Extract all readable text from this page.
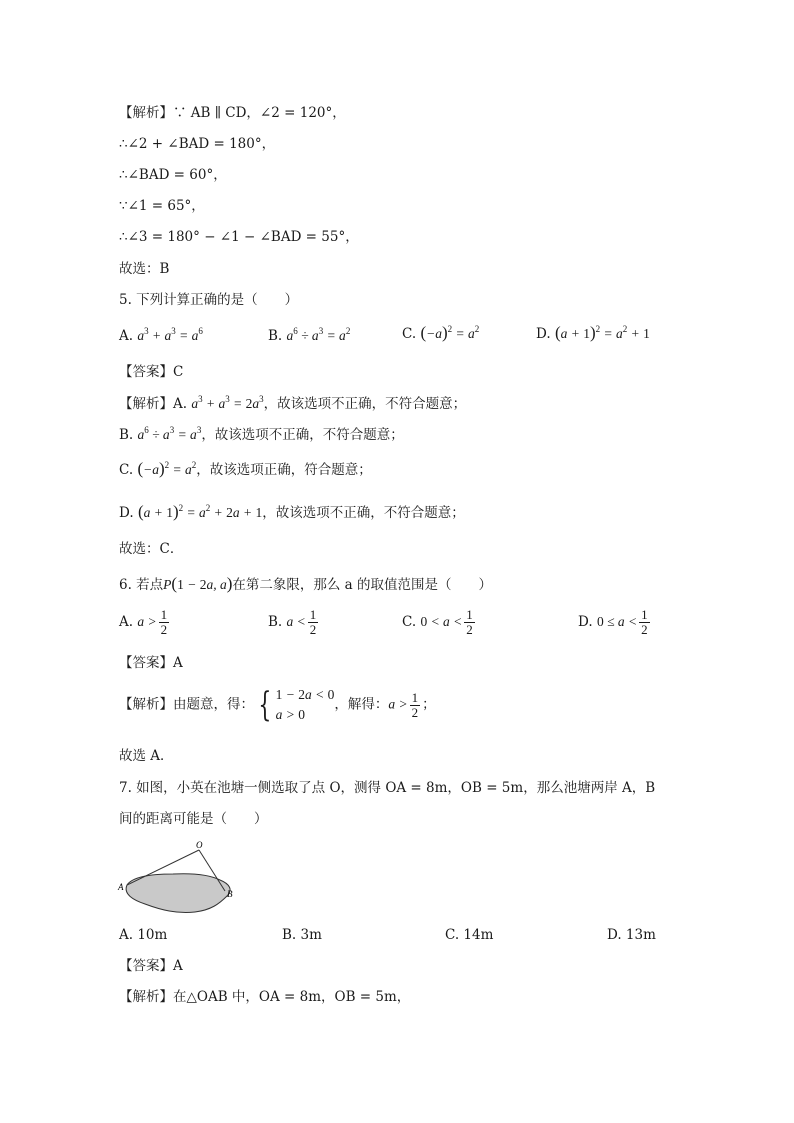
【解析】∵ AB ∥ CD，∠2 = 120°，
∴∠2 + ∠BAD = 180°，
∴∠BAD = 60°，
∵∠1 = 65°，
∴∠3 = 180° − ∠1 − ∠BAD = 55°，
故选：B
5. 下列计算正确的是（　　）
A. $a^3 + a^3 = a^6$	B. $a^6 \div a^3 = a^2$	C. $(-a)^2 = a^2$	D. $(a + 1)^2 = a^2 + 1$
【答案】C
【解析】A. $a^3 + a^3 = 2a^3$，故该选项不正确，不符合题意；
B. $a^6 \div a^3 = a^3$，故该选项不正确，不符合题意；
C. $(-a)^2 = a^2$，故该选项正确，符合题意；
D. $(a + 1)^2 = a^2 + 2a + 1$，故该选项不正确，不符合题意；
故选：C．
6. 若点P(1 − 2a, a)在第二象限，那么 a 的取值范围是（　　）
A. $a > \frac{1}{2}$	B. $a < \frac{1}{2}$	C. $0 < a < \frac{1}{2}$	D. $0 \le a < \frac{1}{2}$
【答案】A
【解析】由题意，得： { 1 − 2a < 0
a > 0
，解得：$a > \frac{1}{2}$ ；
故选 A．
7. 如图，小英在池塘一侧选取了点 O，测得 OA = 8m，OB = 5m，那么池塘两岸 A，B
间的距离可能是（　　）
O
A
B
A. 10m	B. 3m	C. 14m	D. 13m
【答案】A
【解析】在△OAB 中，OA = 8m，OB = 5m，
